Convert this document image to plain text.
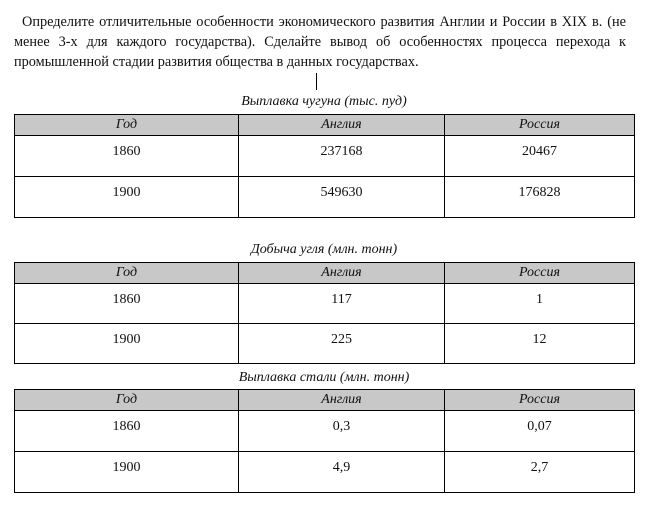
Определите отличительные особенности экономического развития Англии и России в XIX в. (не менее 3-х для каждого государства). Сделайте вывод об особенностях процесса перехода к промышленной стадии развития общества в данных государствах.

Выплавка чугуна (тыс. пуд)

Год	Англия	Россия
1860	237168	20467
1900	549630	176828

Добыча угля (млн. тонн)

Год	Англия	Россия
1860	117	1
1900	225	12

Выплавка стали (млн. тонн)

Год	Англия	Россия
1860	0,3	0,07
1900	4,9	2,7
